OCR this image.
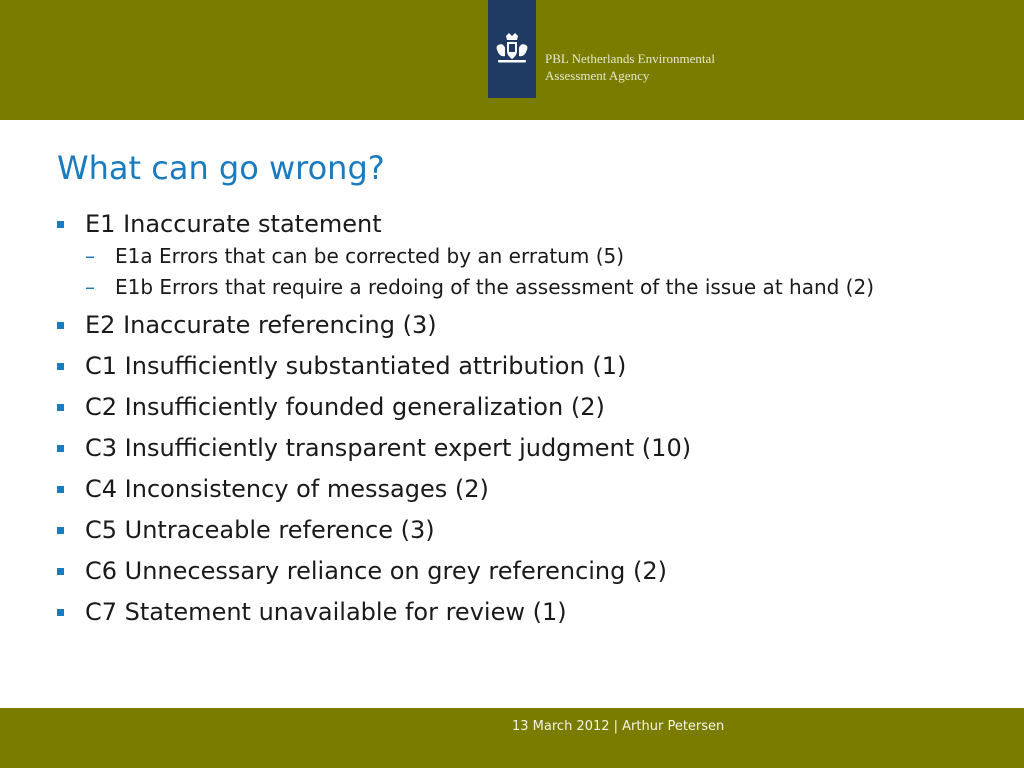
PBL Netherlands Environmental
Assessment Agency
What can go wrong?
E1 Inaccurate statement
– E1a Errors that can be corrected by an erratum (5)
– E1b Errors that require a redoing of the assessment of the issue at hand (2)
E2 Inaccurate referencing (3)
C1 Insufficiently substantiated attribution (1)
C2 Insufficiently founded generalization (2)
C3 Insufficiently transparent expert judgment (10)
C4 Inconsistency of messages (2)
C5 Untraceable reference (3)
C6 Unnecessary reliance on grey referencing (2)
C7 Statement unavailable for review (1)
13 March 2012 | Arthur Petersen
